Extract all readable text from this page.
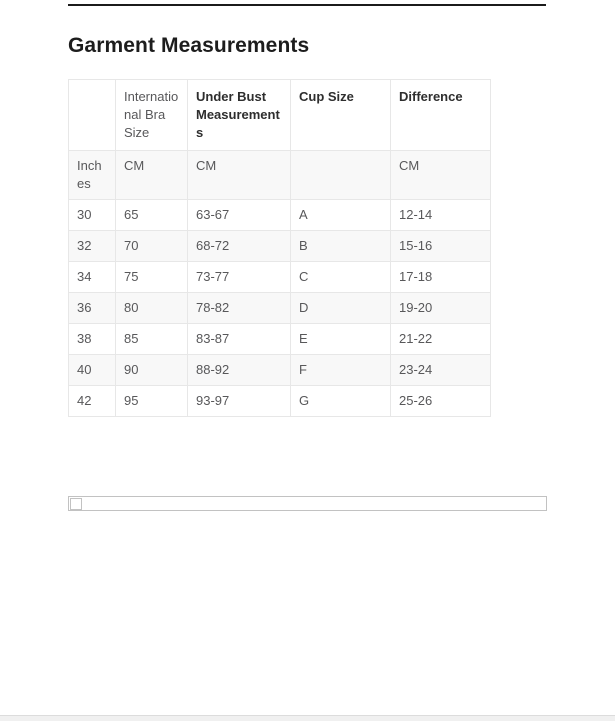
Garment Measurements
	International Bra Size	Under Bust Measurements	Cup Size	Difference
Inches	CM	CM		CM
30	65	63-67	A	12-14
32	70	68-72	B	15-16
34	75	73-77	C	17-18
36	80	78-82	D	19-20
38	85	83-87	E	21-22
40	90	88-92	F	23-24
42	95	93-97	G	25-26
